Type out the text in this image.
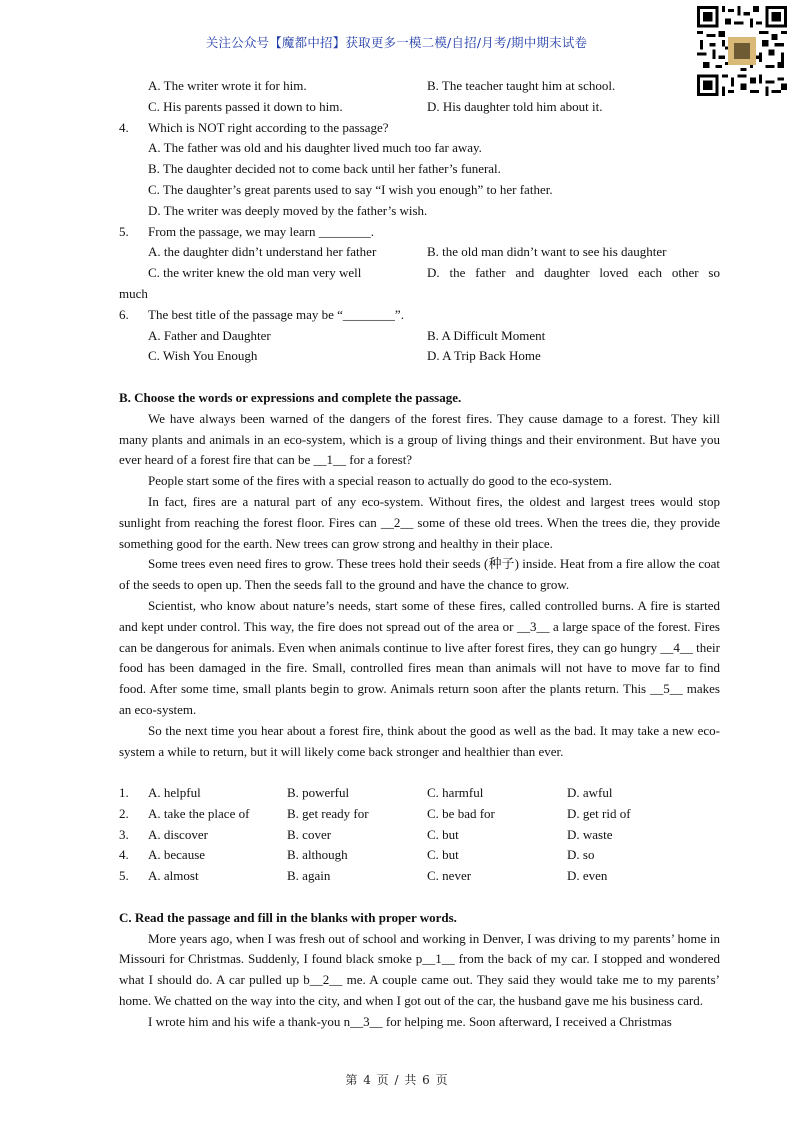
关注公众号【魔都中招】获取更多一模二模/自招/月考/期中期末试卷
A. The writer wrote it for him.	B. The teacher taught him at school.
C. His parents passed it down to him.	D. His daughter told him about it.
4. Which is NOT right according to the passage?
A. The father was old and his daughter lived much too far away.
B. The daughter decided not to come back until her father’s funeral.
C. The daughter’s great parents used to say “I wish you enough” to her father.
D. The writer was deeply moved by the father’s wish.
5. From the passage, we may learn ________.
A. the daughter didn’t understand her father	B. the old man didn’t want to see his daughter
C. the writer knew the old man very well	D. the father and daughter loved each other so
much
6. The best title of the passage may be “________”.
A. Father and Daughter	B. A Difficult Moment
C. Wish You Enough	D. A Trip Back Home

B. Choose the words or expressions and complete the passage.

We have always been warned of the dangers of the forest fires. They cause damage to a forest. They kill many plants and animals in an eco-system, which is a group of living things and their environment. But have you ever heard of a forest fire that can be __1__ for a forest?

People start some of the fires with a special reason to actually do good to the eco-system.

In fact, fires are a natural part of any eco-system. Without fires, the oldest and largest trees would stop sunlight from reaching the forest floor. Fires can __2__ some of these old trees. When the trees die, they provide something good for the earth. New trees can grow strong and healthy in their place.

Some trees even need fires to grow. These trees hold their seeds (种子) inside. Heat from a fire allow the coat of the seeds to open up. Then the seeds fall to the ground and have the chance to grow.

Scientist, who know about nature’s needs, start some of these fires, called controlled burns. A fire is started and kept under control. This way, the fire does not spread out of the area or __3__ a large space of the forest. Fires can be dangerous for animals. Even when animals continue to live after forest fires, they can go hungry __4__ their food has been damaged in the fire. Small, controlled fires mean than animals will not have to move far to find food. After some time, small plants begin to grow. Animals return soon after the plants return. This __5__ makes an eco-system.

So the next time you hear about a forest fire, think about the good as well as the bad. It may take a new eco-system a while to return, but it will likely come back stronger and healthier than ever.

1. A. helpful	B. powerful	C. harmful	D. awful
2. A. take the place of	B. get ready for	C. be bad for	D. get rid of
3. A. discover	B. cover	C. but	D. waste
4. A. because	B. although	C. but	D. so
5. A. almost	B. again	C. never	D. even

C. Read the passage and fill in the blanks with proper words.

More years ago, when I was fresh out of school and working in Denver, I was driving to my parents’ home in Missouri for Christmas. Suddenly, I found black smoke p__1__ from the back of my car. I stopped and wondered what I should do. A car pulled up b__2__ me. A couple came out. They said they would take me to my parents’ home. We chatted on the way into the city, and when I got out of the car, the husband gave me his business card.

I wrote him and his wife a thank-you n__3__ for helping me. Soon afterward, I received a Christmas

第 4 页 / 共 6 页
